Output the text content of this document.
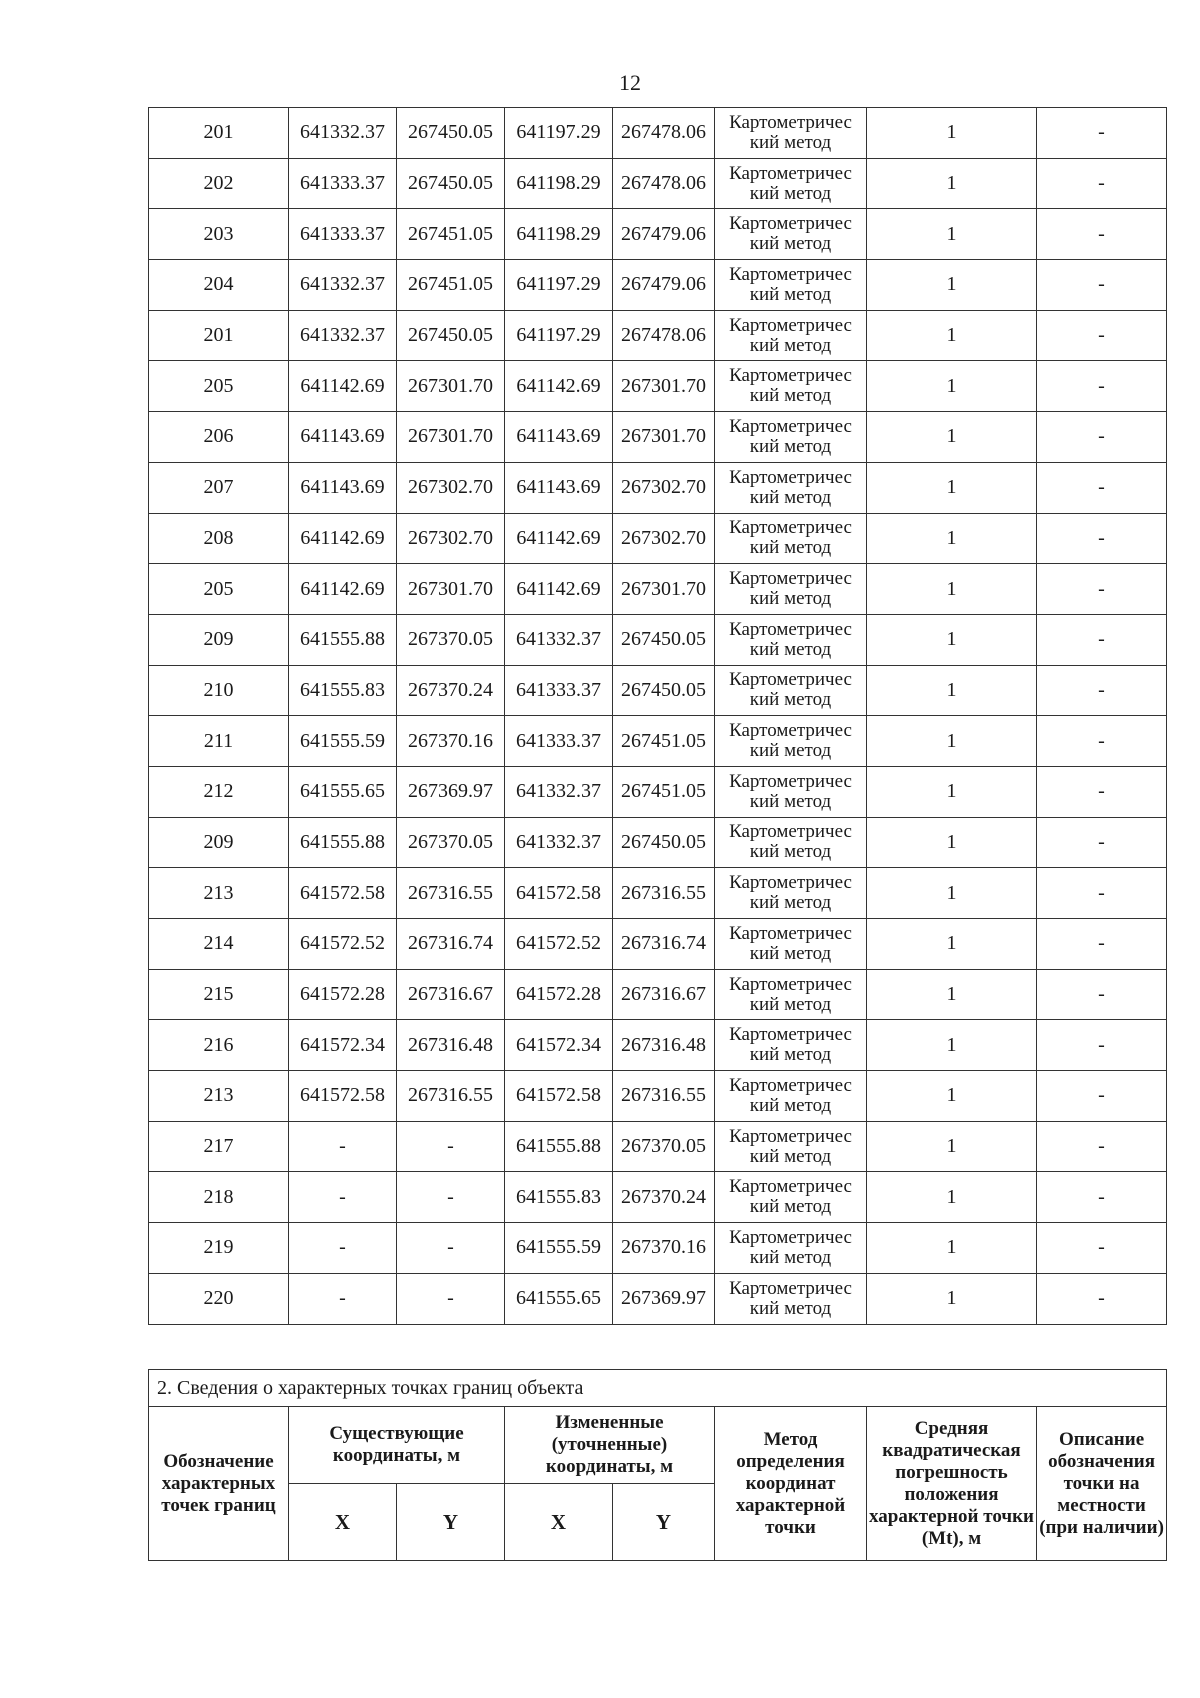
12
201	641332.37	267450.05	641197.29	267478.06	Картометричес
кий метод	1	-
202	641333.37	267450.05	641198.29	267478.06	Картометричес
кий метод	1	-
203	641333.37	267451.05	641198.29	267479.06	Картометричес
кий метод	1	-
204	641332.37	267451.05	641197.29	267479.06	Картометричес
кий метод	1	-
201	641332.37	267450.05	641197.29	267478.06	Картометричес
кий метод	1	-
205	641142.69	267301.70	641142.69	267301.70	Картометричес
кий метод	1	-
206	641143.69	267301.70	641143.69	267301.70	Картометричес
кий метод	1	-
207	641143.69	267302.70	641143.69	267302.70	Картометричес
кий метод	1	-
208	641142.69	267302.70	641142.69	267302.70	Картометричес
кий метод	1	-
205	641142.69	267301.70	641142.69	267301.70	Картометричес
кий метод	1	-
209	641555.88	267370.05	641332.37	267450.05	Картометричес
кий метод	1	-
210	641555.83	267370.24	641333.37	267450.05	Картометричес
кий метод	1	-
211	641555.59	267370.16	641333.37	267451.05	Картометричес
кий метод	1	-
212	641555.65	267369.97	641332.37	267451.05	Картометричес
кий метод	1	-
209	641555.88	267370.05	641332.37	267450.05	Картометричес
кий метод	1	-
213	641572.58	267316.55	641572.58	267316.55	Картометричес
кий метод	1	-
214	641572.52	267316.74	641572.52	267316.74	Картометричес
кий метод	1	-
215	641572.28	267316.67	641572.28	267316.67	Картометричес
кий метод	1	-
216	641572.34	267316.48	641572.34	267316.48	Картометричес
кий метод	1	-
213	641572.58	267316.55	641572.58	267316.55	Картометричес
кий метод	1	-
217	-	-	641555.88	267370.05	Картометричес
кий метод	1	-
218	-	-	641555.83	267370.24	Картометричес
кий метод	1	-
219	-	-	641555.59	267370.16	Картометричес
кий метод	1	-
220	-	-	641555.65	267369.97	Картометричес
кий метод	1	-
2. Сведения о характерных точках границ объекта							
Обозначение характерных точек границ	Существующие координаты, м		Измененные (уточненные) координаты, м		Метод определения координат характерной точки	Средняя квадратическая погрешность положения характерной точки (Mt), м	Описание обозначения точки на местности (при наличии)
	X	Y	X	Y			
